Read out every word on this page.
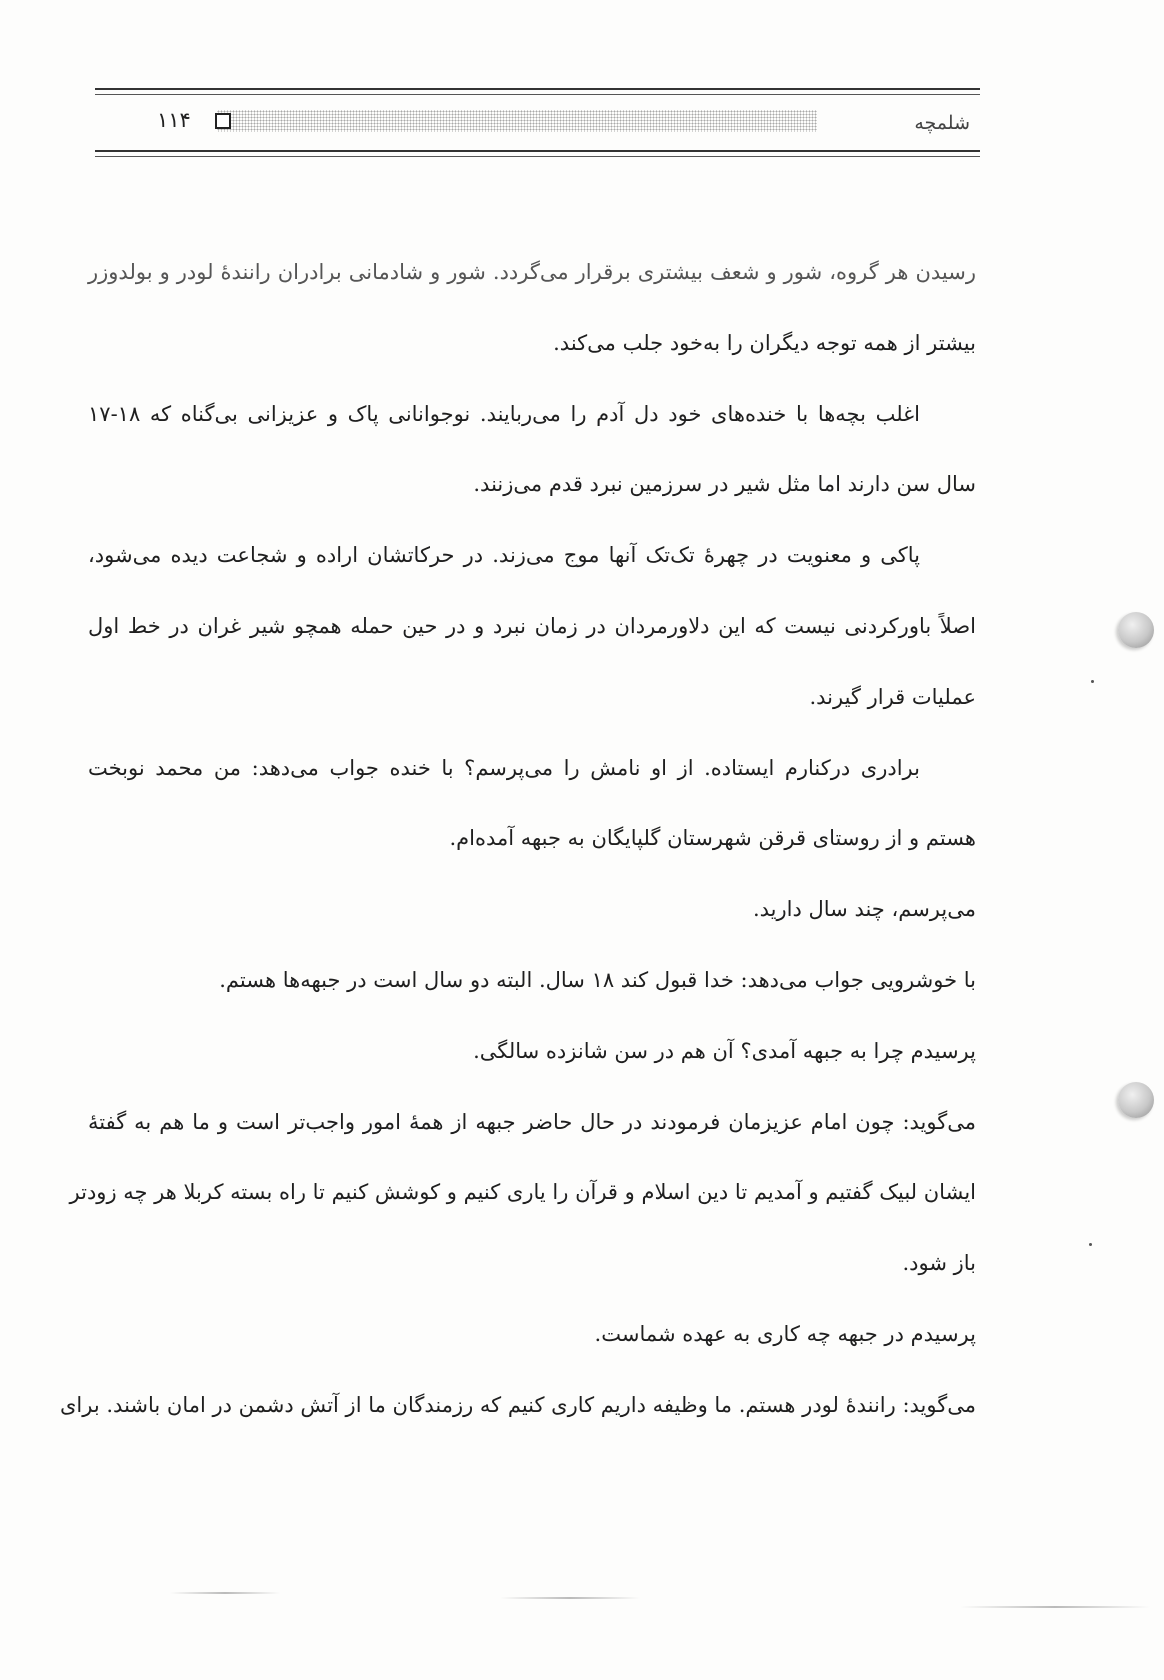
۱۱۴	شلمچه
رسیدن هر گروه، شور و شعف بیشتری برقرار می‌گردد. شور و شادمانی برادران رانندهٔ لودر و بولدوزر
بیشتر از همه توجه دیگران را به‌خود جلب می‌کند.
اغلب بچه‌ها با خنده‌های خود دل آدم را می‌ربایند. نوجوانانی پاک و عزیزانی بی‌گناه که ۱۸-۱۷
سال سن دارند اما مثل شیر در سرزمین نبرد قدم می‌زنند.
پاکی و معنویت در چهرهٔ تک‌تک آنها موج می‌زند. در حرکاتشان اراده و شجاعت دیده می‌شود،
اصلاً باورکردنی نیست که این دلاورمردان در زمان نبرد و در حین حمله همچو شیر غران در خط اول
عملیات قرار گیرند.
برادری درکنارم ایستاده. از او نامش را می‌پرسم؟ با خنده جواب می‌دهد: من محمد نوبخت
هستم و از روستای قرقن شهرستان گلپایگان به جبهه آمده‌ام.
می‌پرسم، چند سال دارید.
با خوشرویی جواب می‌دهد: خدا قبول کند ۱۸ سال. البته دو سال است در جبهه‌ها هستم.
پرسیدم چرا به جبهه آمدی؟ آن هم در سن شانزده سالگی.
می‌گوید: چون امام عزیزمان فرمودند در حال حاضر جبهه از همهٔ امور واجب‌تر است و ما هم به گفتهٔ
ایشان لبیک گفتیم و آمدیم تا دین اسلام و قرآن را یاری کنیم و کوشش کنیم تا راه بسته کربلا هر چه زودتر
باز شود.
پرسیدم در جبهه چه کاری به عهده شماست.
می‌گوید: رانندهٔ لودر هستم. ما وظیفه داریم کاری کنیم که رزمندگان ما از آتش دشمن در امان باشند. برای
